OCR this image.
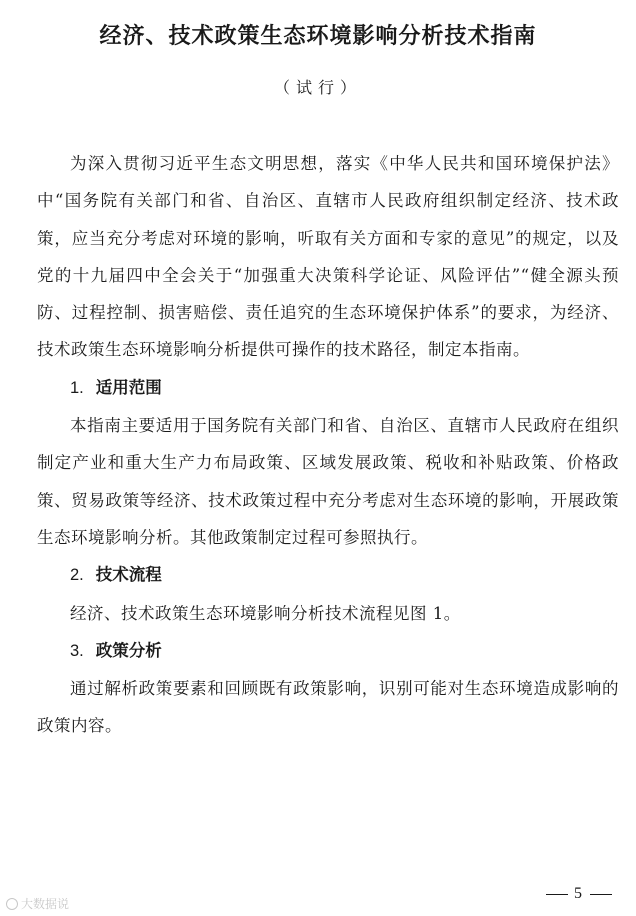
经济、技术政策生态环境影响分析技术指南
（试行）

为深入贯彻习近平生态文明思想，落实《中华人民共和国环境保护法》中“国务院有关部门和省、自治区、直辖市人民政府组织制定经济、技术政策，应当充分考虑对环境的影响，听取有关方面和专家的意见”的规定，以及党的十九届四中全会关于“加强重大决策科学论证、风险评估”“健全源头预防、过程控制、损害赔偿、责任追究的生态环境保护体系”的要求，为经济、技术政策生态环境影响分析提供可操作的技术路径，制定本指南。

1. 适用范围

本指南主要适用于国务院有关部门和省、自治区、直辖市人民政府在组织制定产业和重大生产力布局政策、区域发展政策、税收和补贴政策、价格政策、贸易政策等经济、技术政策过程中充分考虑对生态环境的影响，开展政策生态环境影响分析。其他政策制定过程可参照执行。

2. 技术流程

经济、技术政策生态环境影响分析技术流程见图 1。

3. 政策分析

通过解析政策要素和回顾既有政策影响，识别可能对生态环境造成影响的政策内容。

5
大数据说
